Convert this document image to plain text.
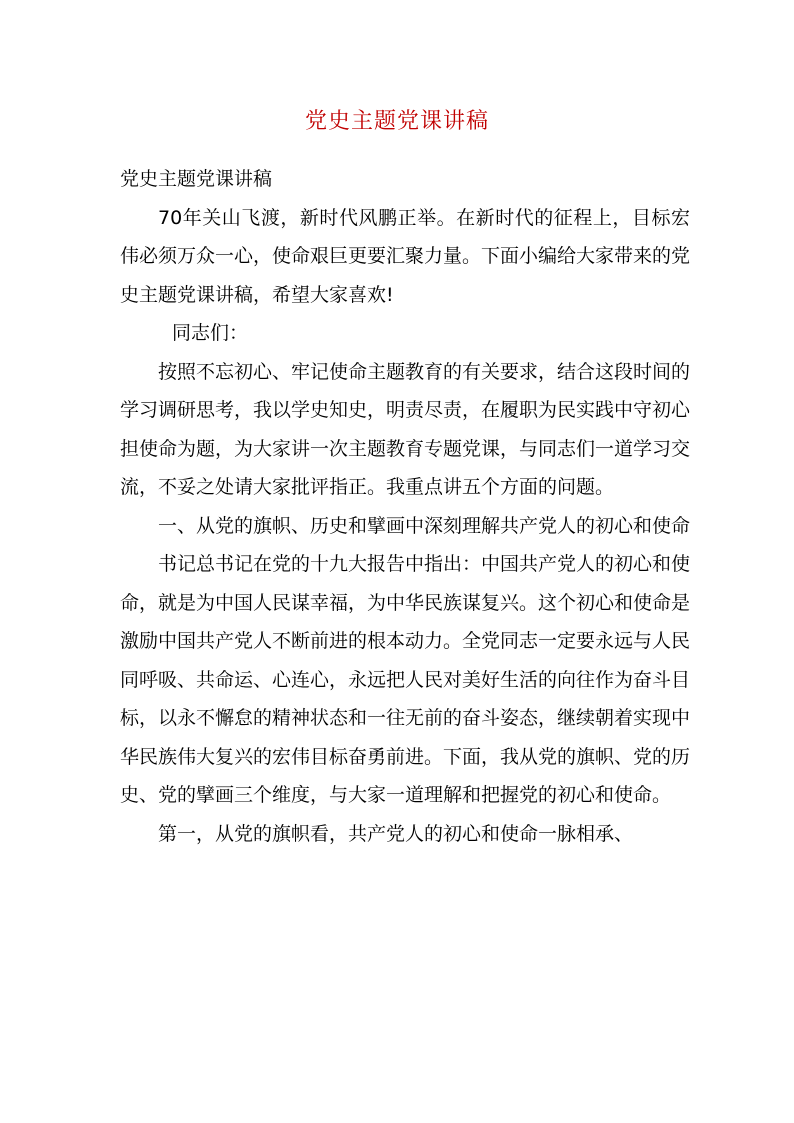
党史主题党课讲稿

党史主题党课讲稿

70年关山飞渡，新时代风鹏正举。在新时代的征程上，目标宏伟必须万众一心，使命艰巨更要汇聚力量。下面小编给大家带来的党史主题党课讲稿，希望大家喜欢!

同志们：

按照不忘初心、牢记使命主题教育的有关要求，结合这段时间的学习调研思考，我以学史知史，明责尽责，在履职为民实践中守初心担使命为题，为大家讲一次主题教育专题党课，与同志们一道学习交流，不妥之处请大家批评指正。我重点讲五个方面的问题。

一、从党的旗帜、历史和擘画中深刻理解共产党人的初心和使命

书记总书记在党的十九大报告中指出：中国共产党人的初心和使命，就是为中国人民谋幸福，为中华民族谋复兴。这个初心和使命是激励中国共产党人不断前进的根本动力。全党同志一定要永远与人民同呼吸、共命运、心连心，永远把人民对美好生活的向往作为奋斗目标，以永不懈怠的精神状态和一往无前的奋斗姿态，继续朝着实现中华民族伟大复兴的宏伟目标奋勇前进。下面，我从党的旗帜、党的历史、党的擘画三个维度，与大家一道理解和把握党的初心和使命。

第一，从党的旗帜看，共产党人的初心和使命一脉相承、
